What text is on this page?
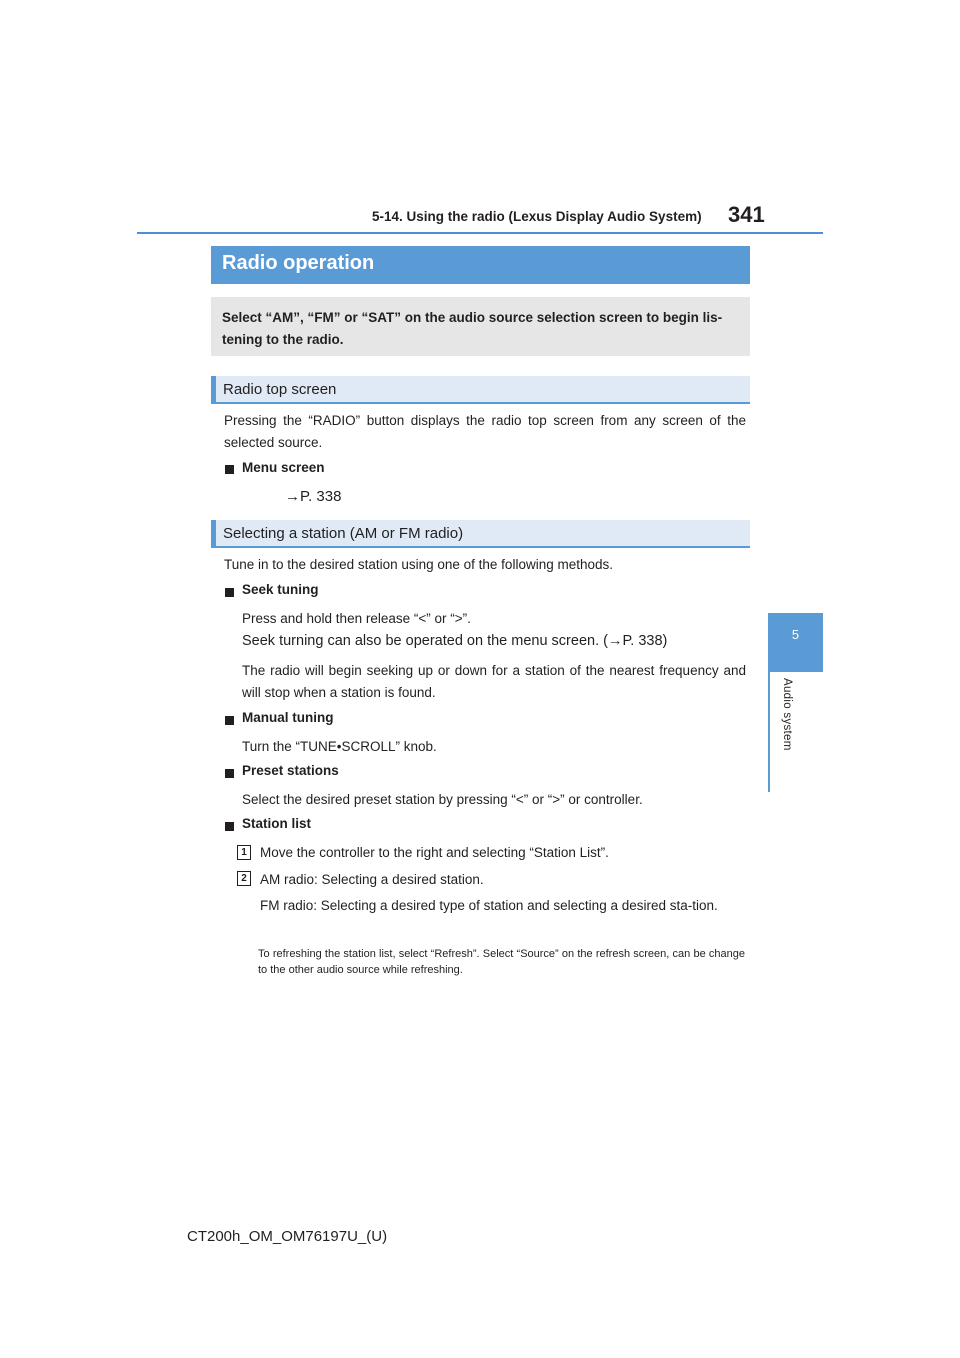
5-14. Using the radio (Lexus Display Audio System) 341
5
Audio system
Radio operation
Select “AM”, “FM” or “SAT” on the audio source selection screen to begin lis-tening to the radio.
Radio top screen
Pressing the “RADIO” button displays the radio top screen from any screen of the selected source.
Menu screen
→P. 338
Selecting a station (AM or FM radio)
Tune in to the desired station using one of the following methods.
Seek tuning
Press and hold then release “<” or “>”.
Seek turning can also be operated on the menu screen. (→P. 338)
The radio will begin seeking up or down for a station of the nearest frequency and will stop when a station is found.
Manual tuning
Turn the “TUNE•SCROLL” knob.
Preset stations
Select the desired preset station by pressing “<” or “>” or controller.
Station list
1 Move the controller to the right and selecting “Station List”.
2 AM radio: Selecting a desired station.
FM radio: Selecting a desired type of station and selecting a desired sta-tion.
To refreshing the station list, select “Refresh”. Select “Source” on the refresh screen, can be change to the other audio source while refreshing.
CT200h_OM_OM76197U_(U)
